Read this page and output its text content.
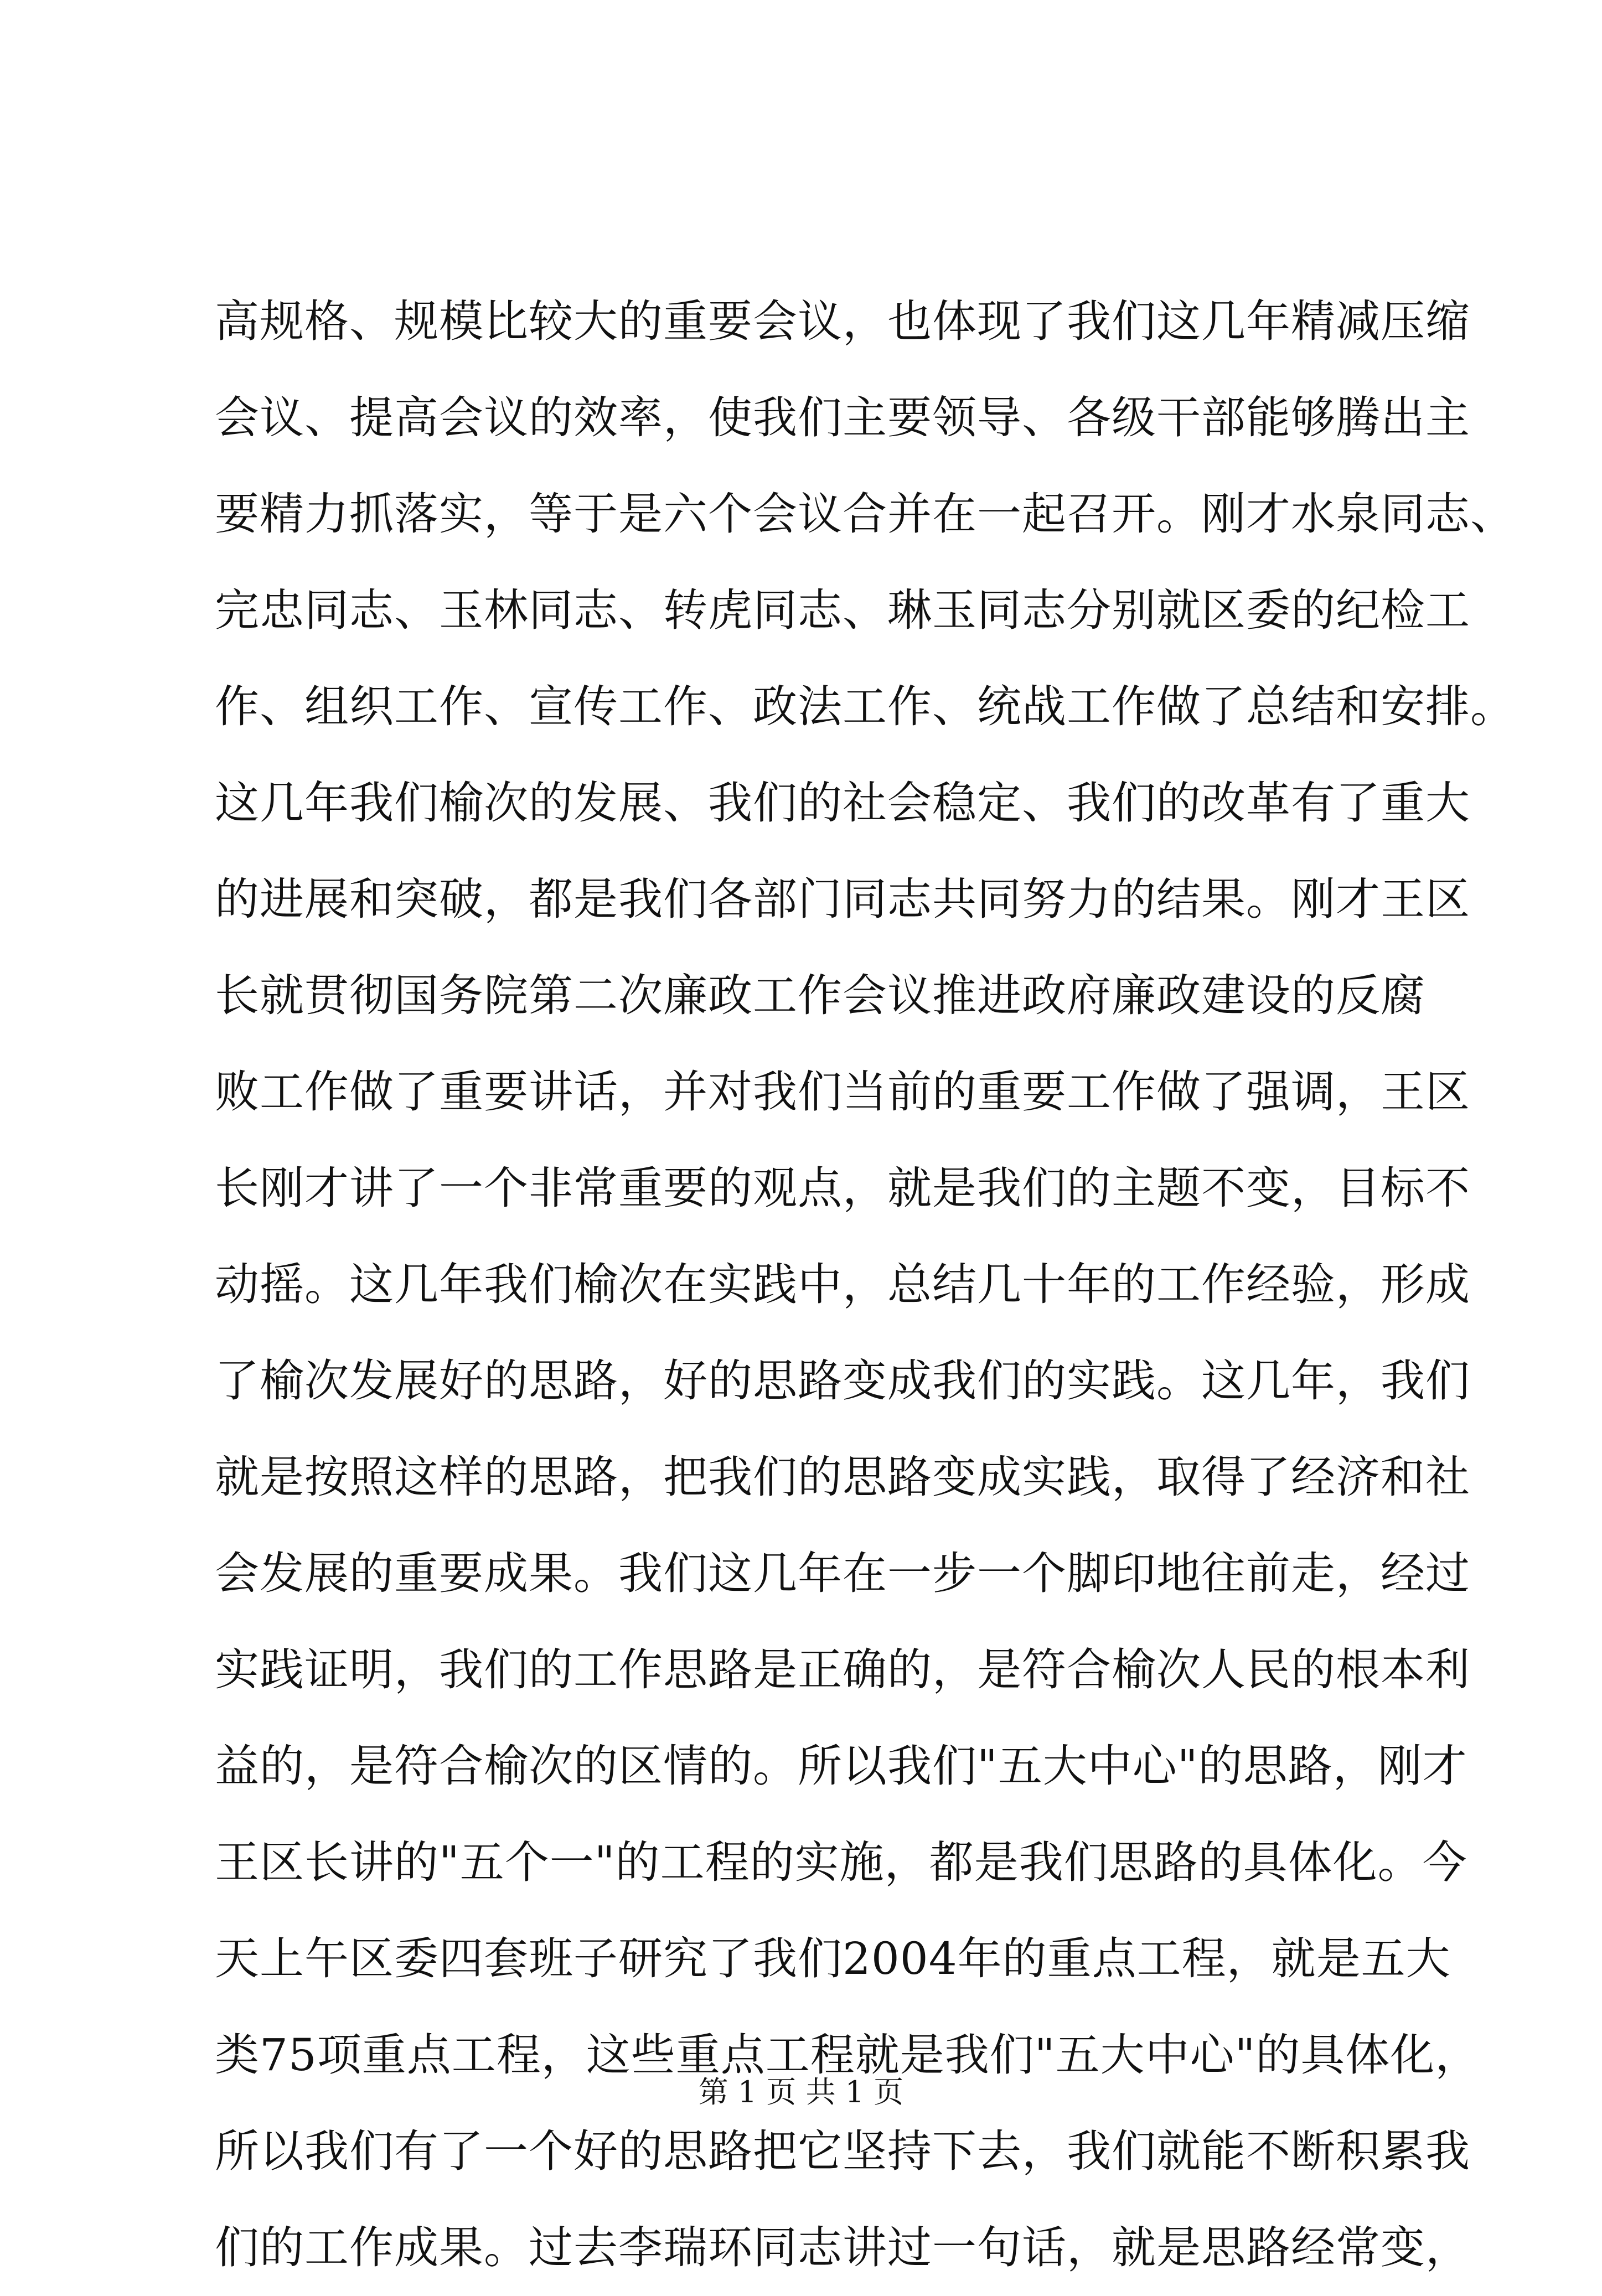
高规格、规模比较大的重要会议，也体现了我们这几年精减压缩
会议、提高会议的效率，使我们主要领导、各级干部能够腾出主
要精力抓落实，等于是六个会议合并在一起召开。刚才水泉同志、
完忠同志、玉林同志、转虎同志、琳玉同志分别就区委的纪检工
作、组织工作、宣传工作、政法工作、统战工作做了总结和安排。
这几年我们榆次的发展、我们的社会稳定、我们的改革有了重大
的进展和突破，都是我们各部门同志共同努力的结果。刚才王区
长就贯彻国务院第二次廉政工作会议推进政府廉政建设的反腐
败工作做了重要讲话，并对我们当前的重要工作做了强调，王区
长刚才讲了一个非常重要的观点，就是我们的主题不变，目标不
动摇。这几年我们榆次在实践中，总结几十年的工作经验，形成
了榆次发展好的思路，好的思路变成我们的实践。这几年，我们
就是按照这样的思路，把我们的思路变成实践，取得了经济和社
会发展的重要成果。我们这几年在一步一个脚印地往前走，经过
实践证明，我们的工作思路是正确的，是符合榆次人民的根本利
益的，是符合榆次的区情的。所以我们"五大中心"的思路，刚才
王区长讲的"五个一"的工程的实施，都是我们思路的具体化。今
天上午区委四套班子研究了我们2004年的重点工程，就是五大
类75项重点工程，这些重点工程就是我们"五大中心"的具体化，
所以我们有了一个好的思路把它坚持下去，我们就能不断积累我
们的工作成果。过去李瑞环同志讲过一句话，就是思路经常变，
第 1 页 共 1 页
